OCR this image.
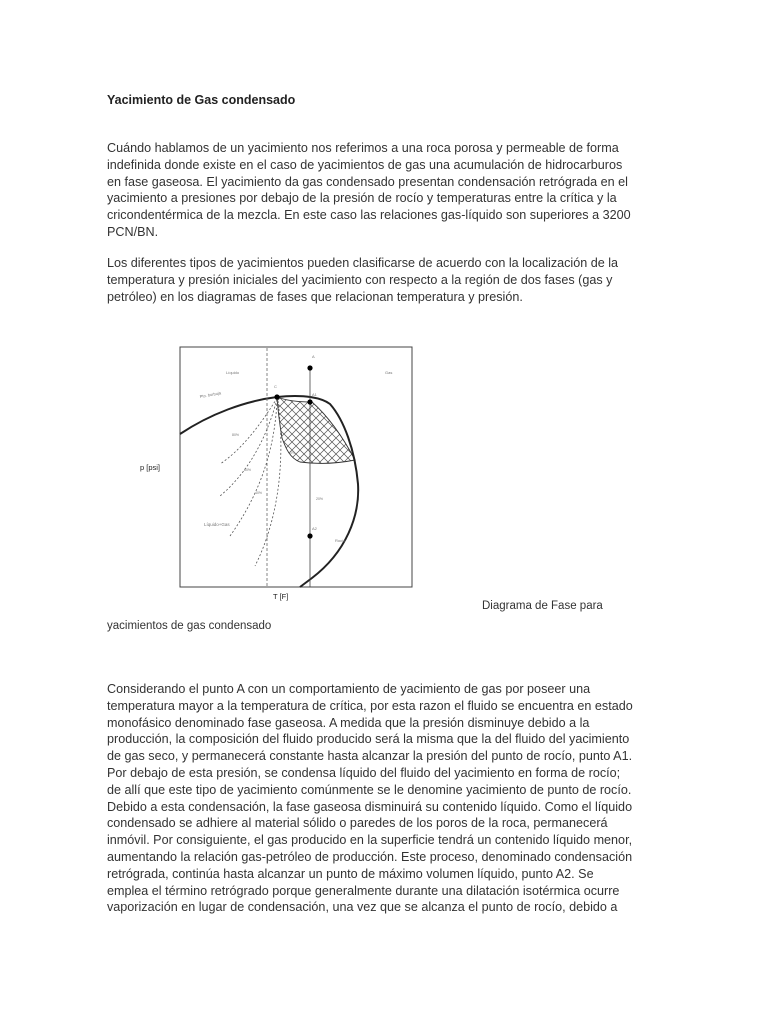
Yacimiento de Gas condensado
Cuándo hablamos de un yacimiento nos referimos a una roca porosa y permeable de forma
indefinida donde existe en el caso de yacimientos de gas una acumulación de hidrocarburos
en fase gaseosa. El yacimiento da gas condensado presentan condensación retrógrada en el
yacimiento a presiones por debajo de la presión de rocío y temperaturas entre la crítica y la
cricondentérmica de la mezcla. En este caso las relaciones gas-líquido son superiores a 3200
PCN/BN.
Los diferentes tipos de yacimientos pueden clasificarse de acuerdo con la localización de la
temperatura y presión iniciales del yacimiento con respecto a la región de dos fases (gas y
petróleo) en los diagramas de fases que relacionan temperatura y presión.
Líquido	Gas
Pto. burbuja
A
C
A1
A2
Rocío
Líquido+Gas
80%
60%
40%
20%
0%
p [psi]
T [F]
Diagrama de Fase para
yacimientos de gas condensado
Considerando el punto A con un comportamiento de yacimiento de gas por poseer una
temperatura mayor a la temperatura de crítica, por esta razon el fluido se encuentra en estado
monofásico denominado fase gaseosa. A medida que la presión disminuye debido a la
producción, la composición del fluido producido será la misma que la del fluido del yacimiento
de gas seco, y permanecerá constante hasta alcanzar la presión del punto de rocío, punto A1.
Por debajo de esta presión, se condensa líquido del fluido del yacimiento en forma de rocío;
de allí que este tipo de yacimiento comúnmente se le denomine yacimiento de punto de rocío.
Debido a esta condensación, la fase gaseosa disminuirá su contenido líquido. Como el líquido
condensado se adhiere al material sólido o paredes de los poros de la roca, permanecerá
inmóvil. Por consiguiente, el gas producido en la superficie tendrá un contenido líquido menor,
aumentando la relación gas-petróleo de producción. Este proceso, denominado condensación
retrógrada, continúa hasta alcanzar un punto de máximo volumen líquido, punto A2. Se
emplea el término retrógrado porque generalmente durante una dilatación isotérmica ocurre
vaporización en lugar de condensación, una vez que se alcanza el punto de rocío, debido a
